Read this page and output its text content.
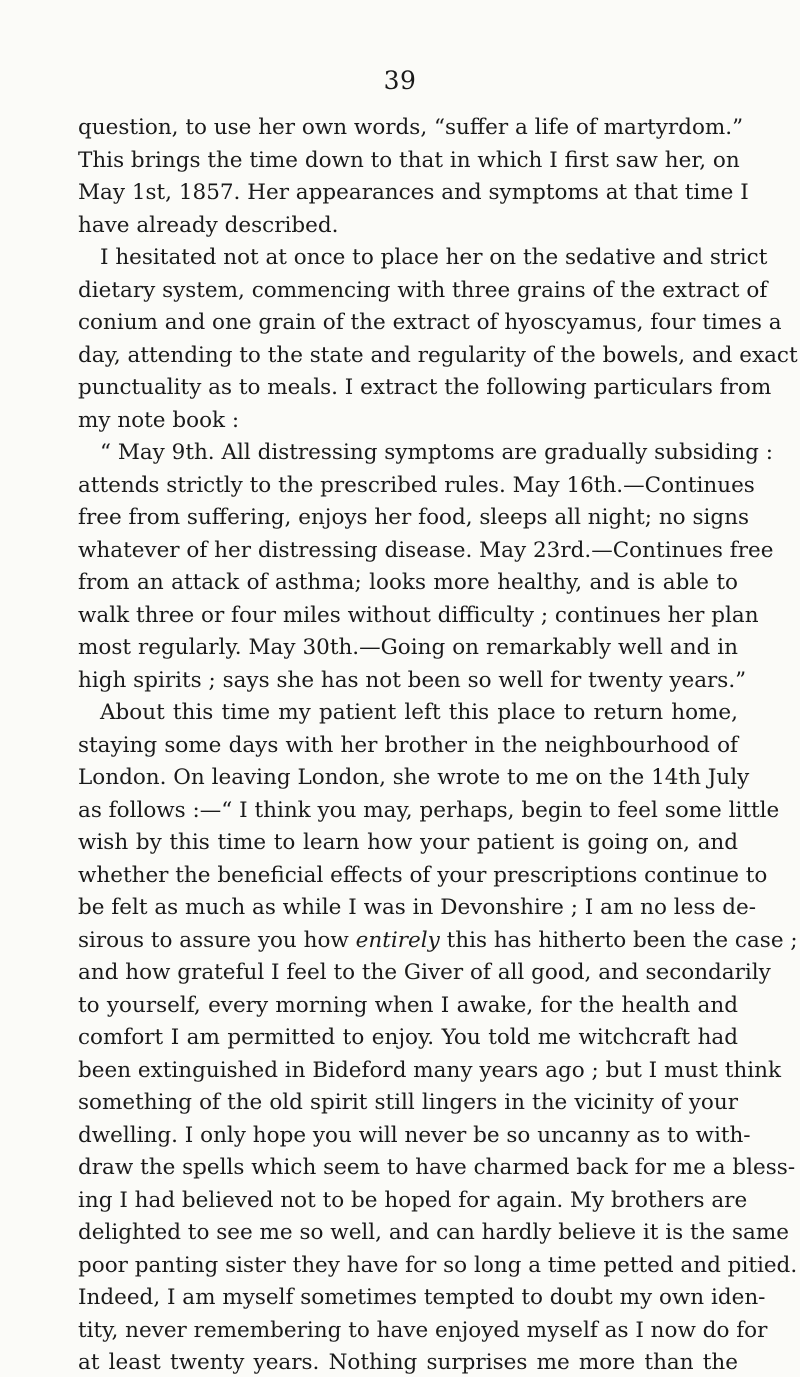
39
question, to use her own words, “suffer a life of martyrdom.”
This brings the time down to that in which I first saw her, on
May 1st, 1857. Her appearances and symptoms at that time I
have already described.
I hesitated not at once to place her on the sedative and strict
dietary system, commencing with three grains of the extract of
conium and one grain of the extract of hyoscyamus, four times a
day, attending to the state and regularity of the bowels, and exact
punctuality as to meals. I extract the following particulars from
my note book :
“ May 9th. All distressing symptoms are gradually subsiding :
attends strictly to the prescribed rules. May 16th.—Continues
free from suffering, enjoys her food, sleeps all night; no signs
whatever of her distressing disease. May 23rd.—Continues free
from an attack of asthma; looks more healthy, and is able to
walk three or four miles without difficulty ; continues her plan
most regularly. May 30th.—Going on remarkably well and in
high spirits ; says she has not been so well for twenty years.”
About this time my patient left this place to return home,
staying some days with her brother in the neighbourhood of
London. On leaving London, she wrote to me on the 14th July
as follows :—“ I think you may, perhaps, begin to feel some little
wish by this time to learn how your patient is going on, and
whether the beneficial effects of your prescriptions continue to
be felt as much as while I was in Devonshire ; I am no less de-
sirous to assure you how entirely this has hitherto been the case ;
and how grateful I feel to the Giver of all good, and secondarily
to yourself, every morning when I awake, for the health and
comfort I am permitted to enjoy. You told me witchcraft had
been extinguished in Bideford many years ago ; but I must think
something of the old spirit still lingers in the vicinity of your
dwelling. I only hope you will never be so uncanny as to with-
draw the spells which seem to have charmed back for me a bless-
ing I had believed not to be hoped for again. My brothers are
delighted to see me so well, and can hardly believe it is the same
poor panting sister they have for so long a time petted and pitied.
Indeed, I am myself sometimes tempted to doubt my own iden-
tity, never remembering to have enjoyed myself as I now do for
at least twenty years. Nothing surprises me more than the
